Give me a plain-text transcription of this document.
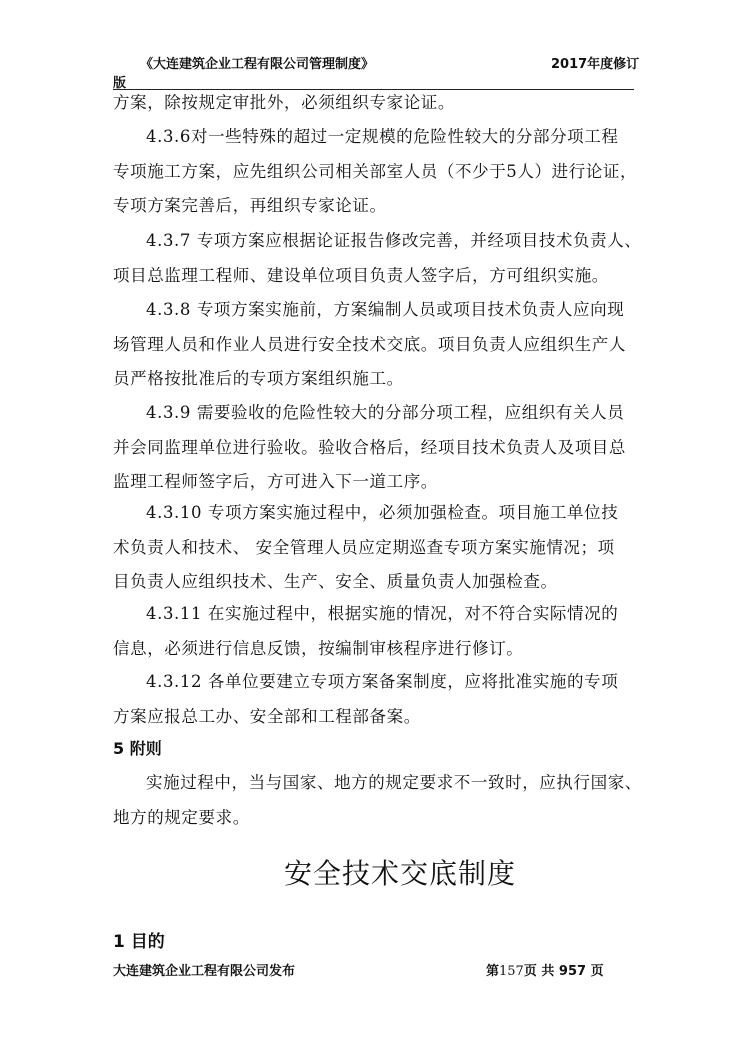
《大连建筑企业工程有限公司管理制度》	2017年度修订
版
方案，除按规定审批外，必须组织专家论证。
4.3.6对一些特殊的超过一定规模的危险性较大的分部分项工程
专项施工方案，应先组织公司相关部室人员（不少于5人）进行论证，
专项方案完善后，再组织专家论证。
4.3.7 专项方案应根据论证报告修改完善，并经项目技术负责人、
项目总监理工程师、建设单位项目负责人签字后，方可组织实施。
4.3.8 专项方案实施前，方案编制人员或项目技术负责人应向现
场管理人员和作业人员进行安全技术交底。项目负责人应组织生产人
员严格按批准后的专项方案组织施工。
4.3.9 需要验收的危险性较大的分部分项工程，应组织有关人员
并会同监理单位进行验收。验收合格后，经项目技术负责人及项目总
监理工程师签字后，方可进入下一道工序。
4.3.10 专项方案实施过程中，必须加强检查。项目施工单位技
术负责人和技术、 安全管理人员应定期巡查专项方案实施情况；项
目负责人应组织技术、生产、安全、质量负责人加强检查。
4.3.11 在实施过程中，根据实施的情况，对不符合实际情况的
信息，必须进行信息反馈，按编制审核程序进行修订。
4.3.12 各单位要建立专项方案备案制度，应将批准实施的专项
方案应报总工办、安全部和工程部备案。
5 附则
实施过程中，当与国家、地方的规定要求不一致时，应执行国家、
地方的规定要求。
安全技术交底制度
1 目的
大连建筑企业工程有限公司发布	第157页 共 957 页
